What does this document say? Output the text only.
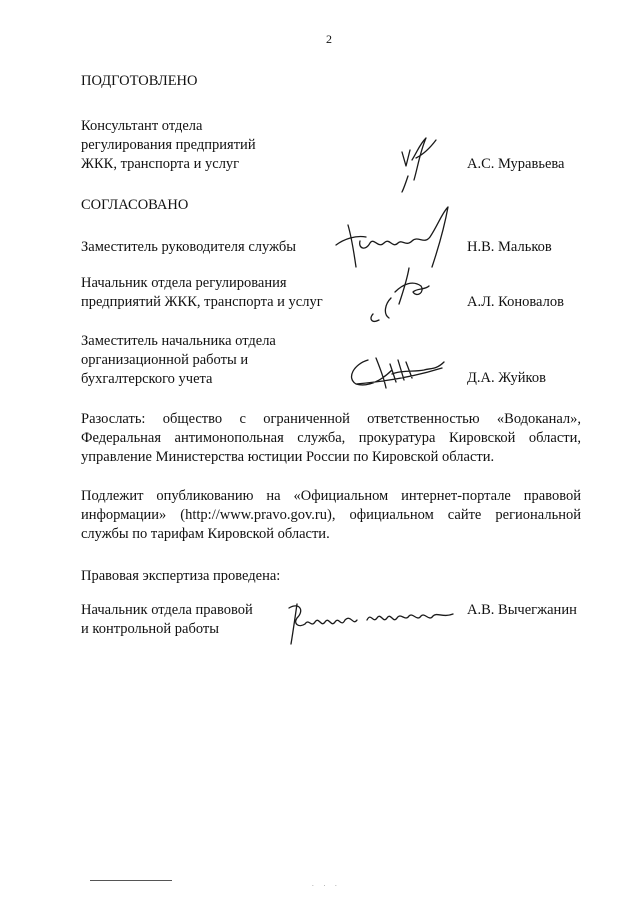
2
ПОДГОТОВЛЕНО
Консультант отдела
регулирования предприятий
ЖКК, транспорта и услуг	А.С. Муравьева
СОГЛАСОВАНО
Заместитель руководителя службы	Н.В. Мальков
Начальник отдела регулирования
предприятий ЖКК, транспорта и услуг	А.Л. Коновалов
Заместитель начальника отдела
организационной работы и
бухгалтерского учета	Д.А. Жуйков
Разослать: общество с ограниченной ответственностью «Водоканал», Федеральная антимонопольная служба, прокуратура Кировской области, управление Министерства юстиции России по Кировской области.
Подлежит опубликованию на «Официальном интернет-портале правовой информации» (http://www.pravo.gov.ru), официальном сайте региональной службы по тарифам Кировской области.
Правовая экспертиза проведена:
Начальник отдела правовой
и контрольной работы
А.В. Вычегжанин
. . .
